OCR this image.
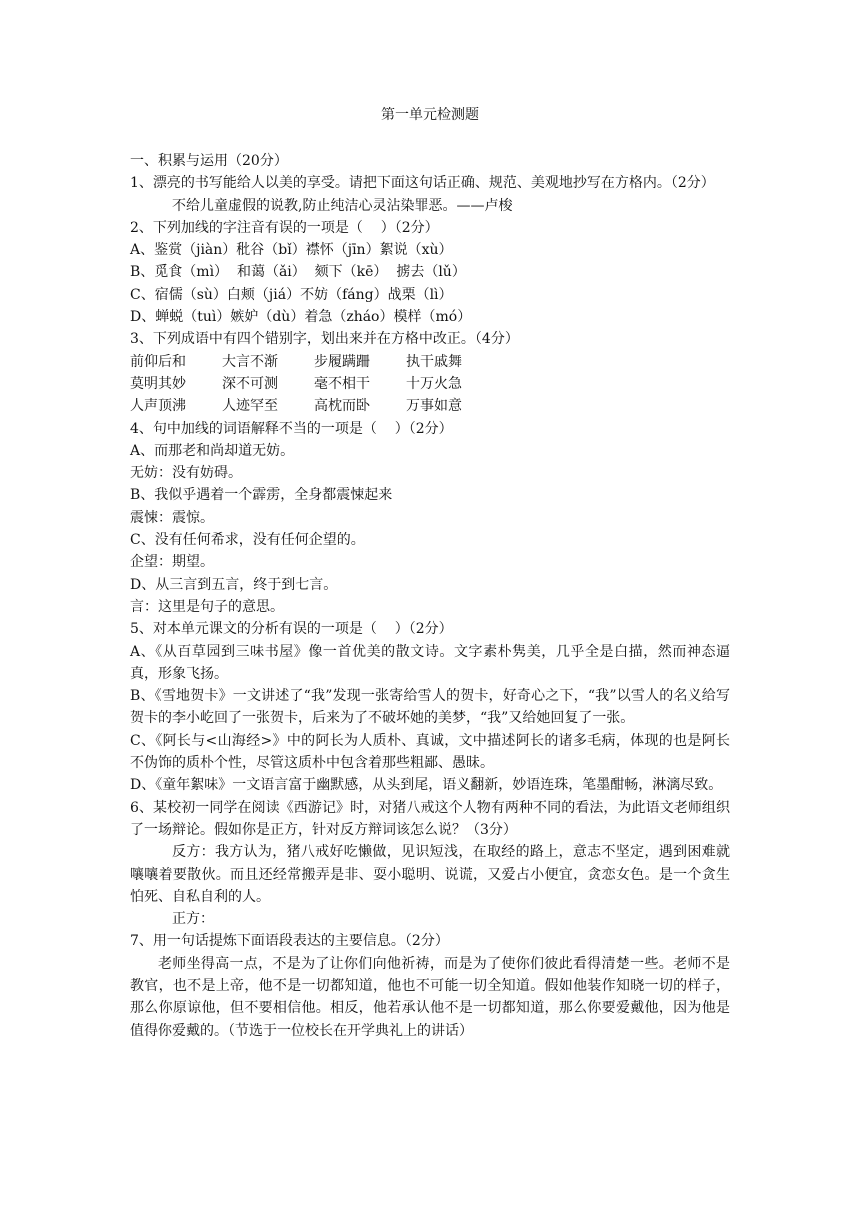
第一单元检测题
一、积累与运用（20分）
1、漂亮的书写能给人以美的享受。请把下面这句话正确、规范、美观地抄写在方格内。（2分）
不给儿童虚假的说教,防止纯洁心灵沾染罪恶。——卢梭
2、下列加线的字注音有误的一项是（    ）（2分）
A、鉴赏（jiàn）秕谷（bǐ）襟怀（jīn）絮说（xù）
B、觅食（mì）  和蔼（ǎi）  颏下（kē）  掳去（lǔ）
C、宿儒（sù）白颊（jiá）不妨（fáng）战栗（lì）
D、蝉蜕（tuì）嫉妒（dù）着急（zháo）模样（mó）
3、下列成语中有四个错别字，划出来并在方格中改正。（4分）
前仰后和	大言不渐	步履蹒跚	执干戚舞
莫明其妙	深不可测	毫不相干	十万火急
人声顶沸	人迹罕至	高枕而卧	万事如意
4、句中加线的词语解释不当的一项是（    ）（2分）
A、而那老和尚却道无妨。
无妨：没有妨碍。
B、我似乎遇着一个霹雳，全身都震悚起来
震悚：震惊。
C、没有任何希求，没有任何企望的。
企望：期望。
D、从三言到五言，终于到七言。
言：这里是句子的意思。
5、对本单元课文的分析有误的一项是（    ）（2分）
A、《从百草园到三味书屋》像一首优美的散文诗。文字素朴隽美，几乎全是白描，然而神态逼真，形象飞扬。
B、《雪地贺卡》一文讲述了“我”发现一张寄给雪人的贺卡，好奇心之下，“我”以雪人的名义给写贺卡的李小屹回了一张贺卡，后来为了不破坏她的美梦，“我”又给她回复了一张。
C、《阿长与<山海经>》中的阿长为人质朴、真诚，文中描述阿长的诸多毛病，体现的也是阿长不伪饰的质朴个性，尽管这质朴中包含着那些粗鄙、愚昧。
D、《童年絮味》一文语言富于幽默感，从头到尾，语义翻新，妙语连珠，笔墨酣畅，淋漓尽致。
6、某校初一同学在阅读《西游记》时，对猪八戒这个人物有两种不同的看法，为此语文老师组织了一场辩论。假如你是正方，针对反方辩词该怎么说？（3分）
反方：我方认为，猪八戒好吃懒做，见识短浅，在取经的路上，意志不坚定，遇到困难就嚷嚷着要散伙。而且还经常搬弄是非、耍小聪明、说谎，又爱占小便宜，贪恋女色。是一个贪生怕死、自私自利的人。
正方：
7、用一句话提炼下面语段表达的主要信息。（2分）
老师坐得高一点，不是为了让你们向他祈祷，而是为了使你们彼此看得清楚一些。老师不是教官，也不是上帝，他不是一切都知道，他也不可能一切全知道。假如他装作知晓一切的样子，那么你原谅他，但不要相信他。相反，他若承认他不是一切都知道，那么你要爱戴他，因为他是值得你爱戴的。（节选于一位校长在开学典礼上的讲话）
